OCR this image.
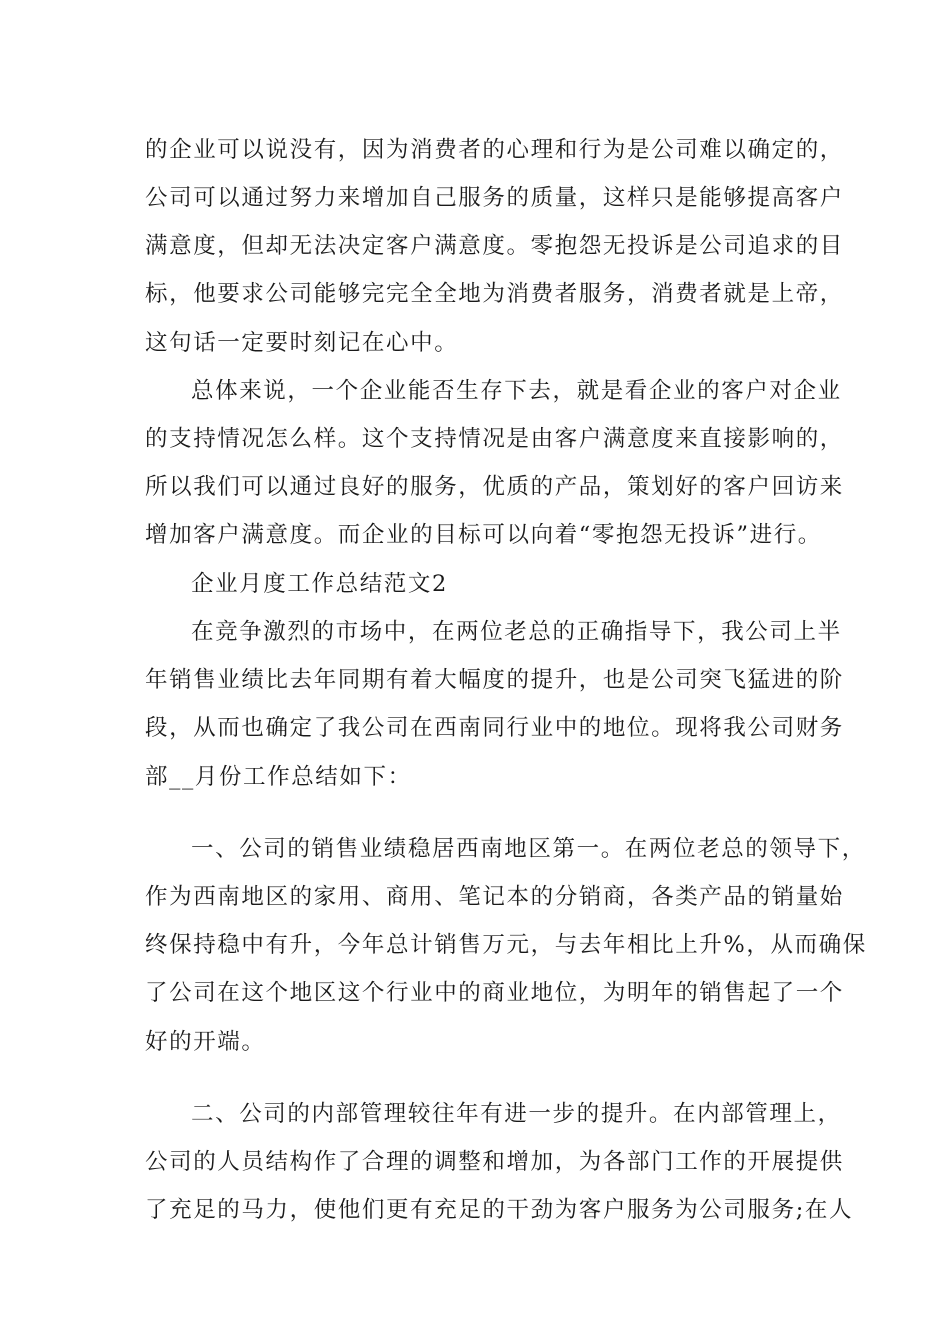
的企业可以说没有，因为消费者的心理和行为是公司难以确定的，
公司可以通过努力来增加自己服务的质量，这样只是能够提高客户
满意度，但却无法决定客户满意度。零抱怨无投诉是公司追求的目
标，他要求公司能够完完全全地为消费者服务，消费者就是上帝，
这句话一定要时刻记在心中。
总体来说，一个企业能否生存下去，就是看企业的客户对企业
的支持情况怎么样。这个支持情况是由客户满意度来直接影响的，
所以我们可以通过良好的服务，优质的产品，策划好的客户回访来
增加客户满意度。而企业的目标可以向着“零抱怨无投诉”进行。
企业月度工作总结范文2
在竞争激烈的市场中，在两位老总的正确指导下，我公司上半
年销售业绩比去年同期有着大幅度的提升，也是公司突飞猛进的阶
段，从而也确定了我公司在西南同行业中的地位。现将我公司财务
部__月份工作总结如下：
一、公司的销售业绩稳居西南地区第一。在两位老总的领导下，
作为西南地区的家用、商用、笔记本的分销商，各类产品的销量始
终保持稳中有升，今年总计销售万元，与去年相比上升%，从而确保
了公司在这个地区这个行业中的商业地位，为明年的销售起了一个
好的开端。
二、公司的内部管理较往年有进一步的提升。在内部管理上，
公司的人员结构作了合理的调整和增加，为各部门工作的开展提供
了充足的马力，使他们更有充足的干劲为客户服务为公司服务;在人
